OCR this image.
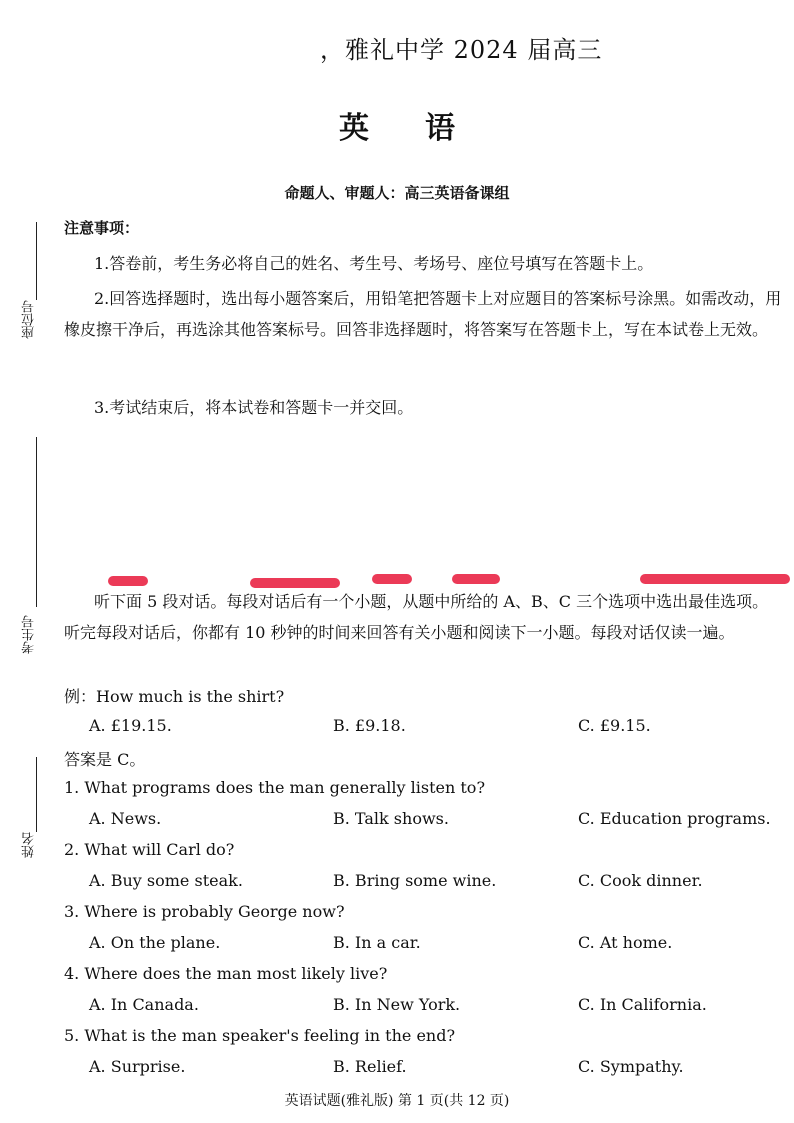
座位号
考生号
姓名
，雅礼中学 2024 届高三
英 语
命题人、审题人：高三英语备课组
注意事项：
1.答卷前，考生务必将自己的姓名、考生号、考场号、座位号填写在答题卡上。
2.回答选择题时，选出每小题答案后，用铅笔把答题卡上对应题目的答案标号涂黑。如需改动，用橡皮擦干净后，再选涂其他答案标号。回答非选择题时，将答案写在答题卡上，写在本试卷上无效。
3.考试结束后，将本试卷和答题卡一并交回。
听下面 5 段对话。每段对话后有一个小题，从题中所给的 A、B、C 三个选项中选出最佳选项。听完每段对话后，你都有 10 秒钟的时间来回答有关小题和阅读下一小题。每段对话仅读一遍。
例：How much is the shirt?
A. £19.15.	B. £9.18.	C. £9.15.
答案是 C。
1. What programs does the man generally listen to?
A. News.	B. Talk shows.	C. Education programs.
2. What will Carl do?
A. Buy some steak.	B. Bring some wine.	C. Cook dinner.
3. Where is probably George now?
A. On the plane.	B. In a car.	C. At home.
4. Where does the man most likely live?
A. In Canada.	B. In New York.	C. In California.
5. What is the man speaker's feeling in the end?
A. Surprise.	B. Relief.	C. Sympathy.
英语试题(雅礼版) 第 1 页(共 12 页)
